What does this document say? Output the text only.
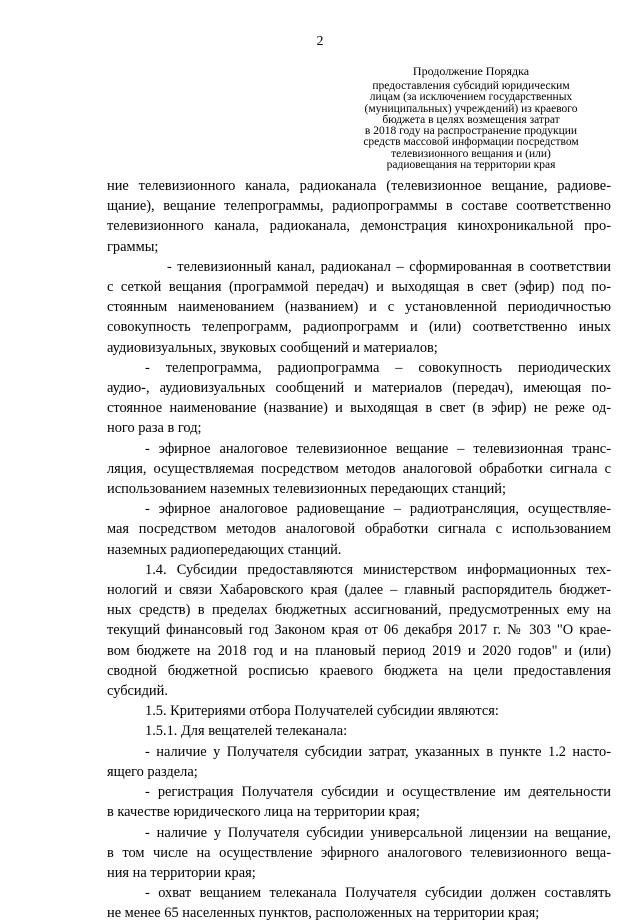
2
Продолжение Порядка
предоставления субсидий юридическим
лицам (за исключением государственных
(муниципальных) учреждений) из краевого
бюджета в целях возмещения затрат
в 2018 году на распространение продукции
средств массовой информации посредством
телевизионного вещания и (или)
радиовещания на территории края

ние телевизионного канала, радиоканала (телевизионное вещание, радиове-
щание), вещание телепрограммы, радиопрограммы в составе соответственно
телевизионного канала, радиоканала, демонстрация кинохроникальной про-
граммы;

- телевизионный канал, радиоканал – сформированная в соответствии
с сеткой вещания (программой передач) и выходящая в свет (эфир) под по-
стоянным наименованием (названием) и с установленной периодичностью
совокупность телепрограмм, радиопрограмм и (или) соответственно иных
аудиовизуальных, звуковых сообщений и материалов;

- телепрограмма, радиопрограмма – совокупность периодических
аудио-, аудиовизуальных сообщений и материалов (передач), имеющая по-
стоянное наименование (название) и выходящая в свет (в эфир) не реже од-
ного раза в год;

- эфирное аналоговое телевизионное вещание – телевизионная транс-
ляция, осуществляемая посредством методов аналоговой обработки сигнала с
использованием наземных телевизионных передающих станций;

- эфирное аналоговое радиовещание – радиотрансляция, осуществляе-
мая посредством методов аналоговой обработки сигнала с использованием
наземных радиопередающих станций.

1.4. Субсидии предоставляются министерством информационных тех-
нологий и связи Хабаровского края (далее – главный распорядитель бюджет-
ных средств) в пределах бюджетных ассигнований, предусмотренных ему на
текущий финансовый год Законом края от 06 декабря 2017 г. № 303 "О крае-
вом бюджете на 2018 год и на плановый период 2019 и 2020 годов" и (или)
сводной бюджетной росписью краевого бюджета на цели предоставления
субсидий.

1.5. Критериями отбора Получателей субсидии являются:

1.5.1. Для вещателей телеканала:

- наличие у Получателя субсидии затрат, указанных в пункте 1.2 насто-
ящего раздела;

- регистрация Получателя субсидии и осуществление им деятельности
в качестве юридического лица на территории края;

- наличие у Получателя субсидии универсальной лицензии на вещание,
в том числе на осуществление эфирного аналогового телевизионного веща-
ния на территории края;

- охват вещанием телеканала Получателя субсидии должен составлять
не менее 65 населенных пунктов, расположенных на территории края;
